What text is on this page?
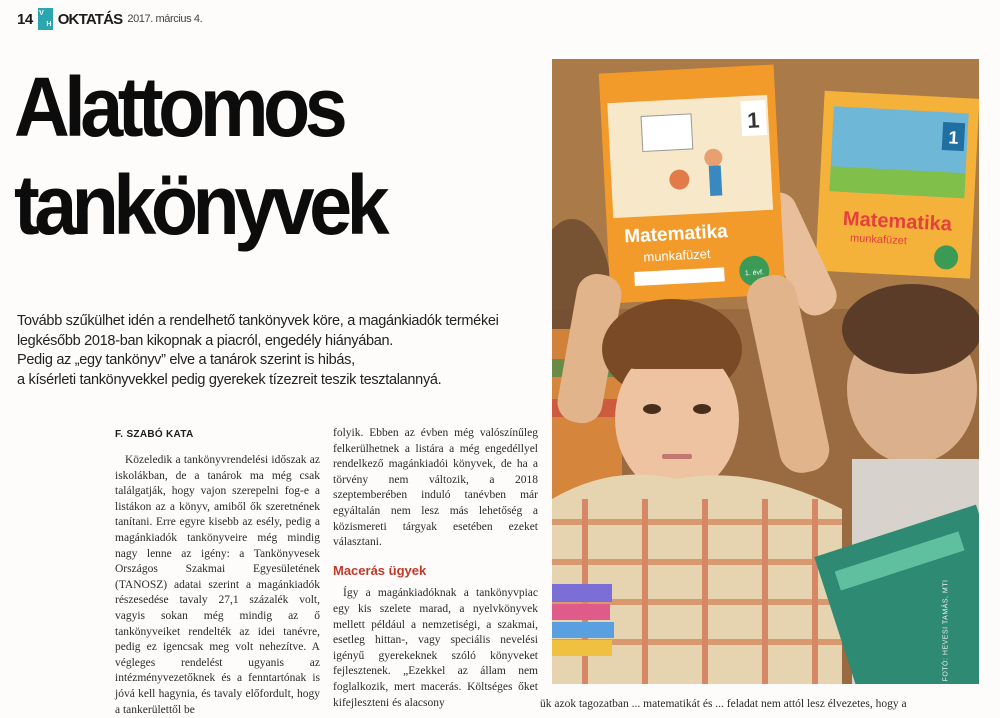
14 V
H OKTATÁS 2017. március 4.
Alattomos
tankönyvek

Tovább szűkülhet idén a rendelhető tankönyvek köre, a magánkiadók termékei

legkésőbb 2018-ban kikopnak a piacról, engedély hiányában.

Pedig az „egy tankönyv” elve a tanárok szerint is hibás,

a kísérleti tankönyvekkel pedig gyerekek tízezreit teszik tesztalannyá.

F. SZABÓ KATA
Közeledik a tankönyvrendelési időszak az iskolákban, de a tanárok ma még csak találgatják, hogy vajon szerepelni fog-e a listákon az a könyv, amiből ők szeretnének tanítani. Erre egyre kisebb az esély, pedig a magánkiadók tankönyveire még mindig nagy lenne az igény: a Tankönyvesek Országos Szakmai Egyesületének (TANOSZ) adatai szerint a magánkiadók részesedése tavaly 27,1 százalék volt, vagyis sokan még mindig az ő tankönyveiket rendelték az idei tanévre, pedig ez igencsak meg volt nehezítve. A végleges rendelést ugyanis az intézményvezetőknek és a fenntartónak is jóvá kell hagynia, és tavaly előfordult, hogy a tankerülettől be

folyik. Ebben az évben még valószínűleg felkerülhetnek a listára a még engedéllyel rendelkező magánkiadói könyvek, de ha a törvény nem változik, a 2018 szeptemberében induló tanévben már egyáltalán nem lesz más lehetőség a közismereti tárgyak esetében ezeket választani.

Macerás ügyek

Így a magánkiadóknak a tankönyvpiac egy kis szelete marad, a nyelvkönyvek mellett például a nemzetiségi, a szakmai, esetleg hittan-, vagy speciális nevelési igényű gyerekeknek szóló könyveket fejlesztenek. „Ezekkel az állam nem foglalkozik, mert macerás. Költséges őket kifejleszteni és alacsony	ük azok tagozatban ... matematikát és ... feladat nem attól lesz élvezetes, hogy a
1
Matematika
munkafüzet
1
Matematika
munkafüzet
1. évf.
FOTÓ: HEVESI TAMÁS, MTI
